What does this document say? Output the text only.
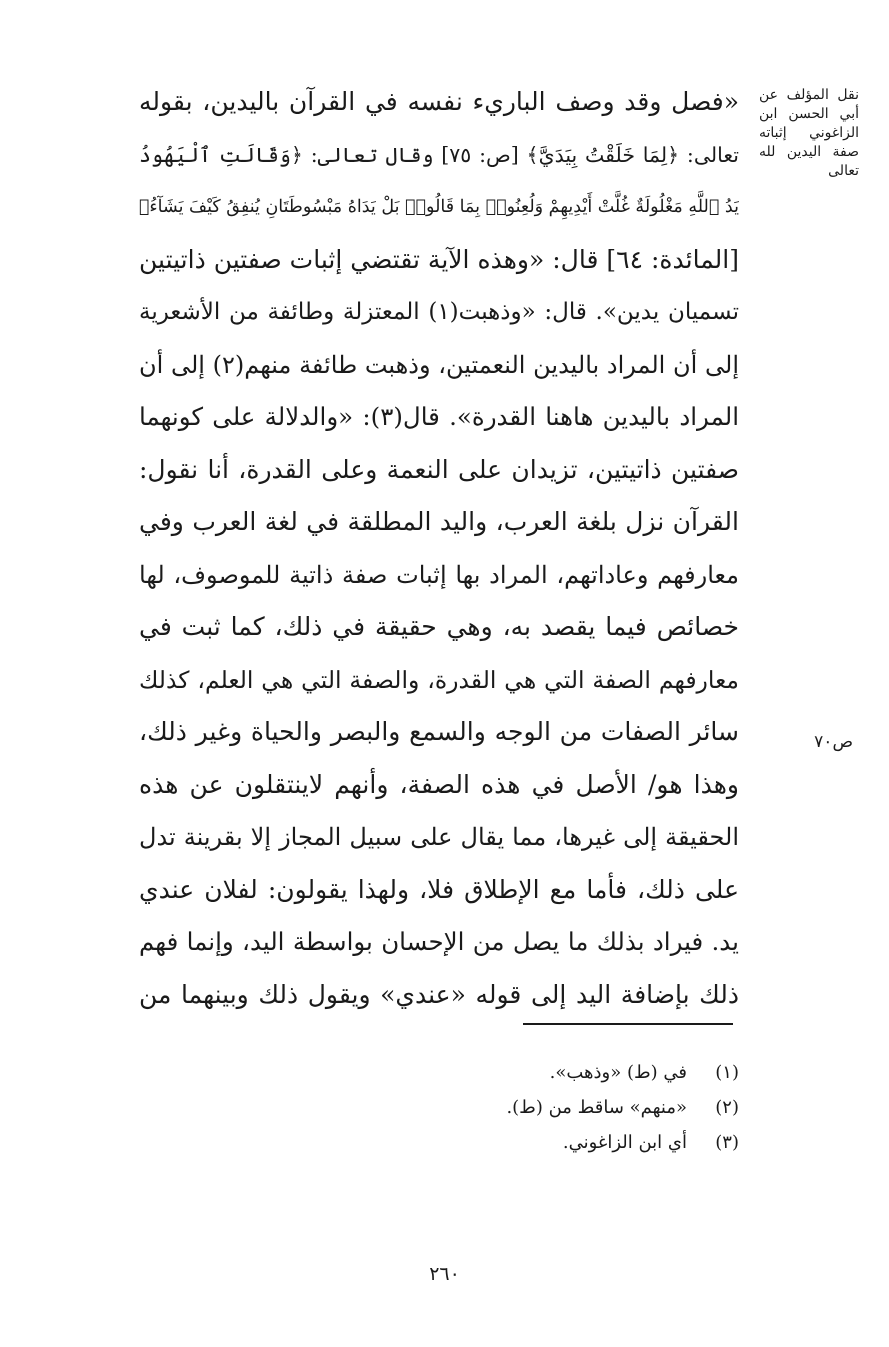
نقل المؤلف عن أبي الحسن ابن الزاغوني إثباته صفة اليدين لله تعالى
ص٧٠
«فصل وقد وصف الباريء نفسه في القرآن باليدين، بقوله
تعالى: ﴿لِمَا خَلَقْتُ بِيَدَيَّ﴾ [ص: ٧٥] وقال تعالى: ﴿وَقَالَتِ ٱلْيَهُودُ
يَدُ ٱللَّهِ مَغْلُولَةٌ غُلَّتْ أَيْدِيهِمْ وَلُعِنُوا۟ بِمَا قَالُوا۟ بَلْ يَدَاهُ مَبْسُوطَتَانِ يُنفِقُ كَيْفَ يَشَآءُ﴾
[المائدة: ٦٤] قال: «وهذه الآية تقتضي إثبات صفتين ذاتيتين
تسميان يدين». قال: «وذهبت(١) المعتزلة وطائفة من الأشعرية
إلى أن المراد باليدين النعمتين، وذهبت طائفة منهم(٢) إلى أن
المراد باليدين هاهنا القدرة». قال(٣): «والدلالة على كونهما
صفتين ذاتيتين، تزيدان على النعمة وعلى القدرة، أنا نقول:
القرآن نزل بلغة العرب، واليد المطلقة في لغة العرب وفي
معارفهم وعاداتهم، المراد بها إثبات صفة ذاتية للموصوف، لها
خصائص فيما يقصد به، وهي حقيقة في ذلك، كما ثبت في
معارفهم الصفة التي هي القدرة، والصفة التي هي العلم، كذلك
سائر الصفات من الوجه والسمع والبصر والحياة وغير ذلك،
وهذا هو/ الأصل في هذه الصفة، وأنهم لاينتقلون عن هذه
الحقيقة إلى غيرها، مما يقال على سبيل المجاز إلا بقرينة تدل
على ذلك، فأما مع الإطلاق فلا، ولهذا يقولون: لفلان عندي
يد. فيراد بذلك ما يصل من الإحسان بواسطة اليد، وإنما فهم
ذلك بإضافة اليد إلى قوله «عندي» ويقول ذلك وبينهما من
(١)في (ط) «وذهب».
(٢)«منهم» ساقط من (ط).
(٣)أي ابن الزاغوني.
٢٦٠
